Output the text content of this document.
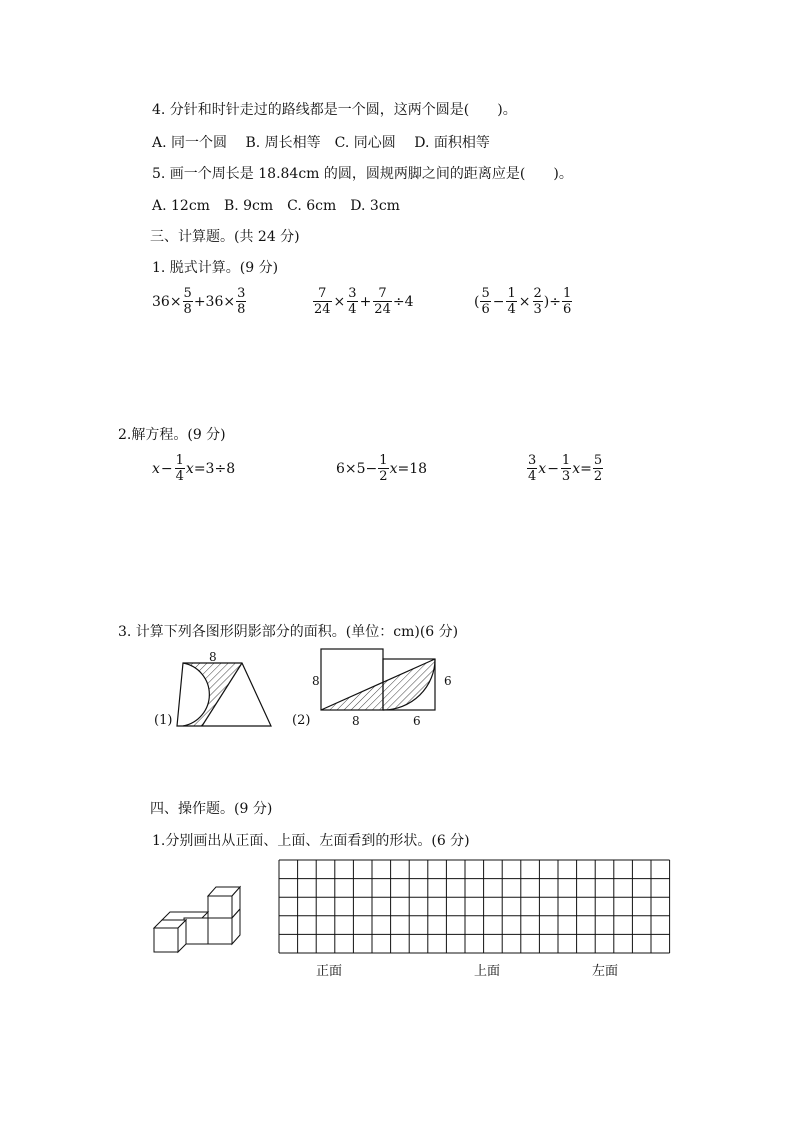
4. 分针和时针走过的路线都是一个圆，这两个圆是(　　)。
A. 同一个圆　 B. 周长相等　C. 同心圆　 D. 面积相等
5. 画一个周长是 18.84cm 的圆，圆规两脚之间的距离应是(　　)。
A. 12cm　B. 9cm　C. 6cm　D. 3cm
三、计算题。(共 24 分)
1. 脱式计算。(9 分)
$36\times \frac{5}{8} +36\times \frac{3}{8}$	$\frac{7}{24} \times \frac{3}{4} + \frac{7}{24} \div 4$	( $\frac{5}{6} - \frac{1}{4} \times \frac{2}{3}$ )÷ $\frac{1}{6}$
2.解方程。(9 分)
$x - \frac{1}{4}$ x =3÷8	$6\times 5- \frac{1}{2}$ x =18	$\frac{3}{4}$ $x - \frac{1}{3}$ $x = \frac{5}{2}$
3. 计算下列各图形阴影部分的面积。(单位：cm)(6 分)
8
(1)
8	6
8	6
(2)
四、操作题。(9 分)
1.分别画出从正面、上面、左面看到的形状。(6 分)
正面	上面	左面
